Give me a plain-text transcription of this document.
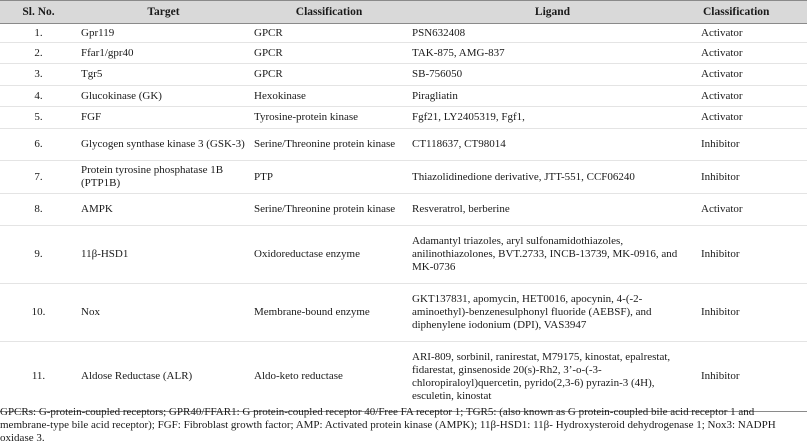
Sl. No.	Target	Classification	Ligand	Classification
1.	Gpr119	GPCR	PSN632408	Activator
2.	Ffar1/gpr40	GPCR	TAK-875, AMG-837	Activator
3.	Tgr5	GPCR	SB-756050	Activator
4.	Glucokinase (GK)	Hexokinase	Piragliatin	Activator
5.	FGF	Tyrosine-protein kinase	Fgf21, LY2405319, Fgf1,	Activator
6.	Glycogen synthase kinase 3 (GSK-3)	Serine/Threonine protein kinase	CT118637, CT98014	Inhibitor
7.	Protein tyrosine phosphatase 1B (PTP1B)	PTP	Thiazolidinedione derivative, JTT-551, CCF06240	Inhibitor
8.	AMPK	Serine/Threonine protein kinase	Resveratrol, berberine	Activator
9.	11β-HSD1	Oxidoreductase enzyme	Adamantyl triazoles, aryl sulfonamidothiazoles, anilinothiazolones, BVT.2733, INCB-13739, MK-0916, and MK-0736	Inhibitor
10.	Nox	Membrane-bound enzyme	GKT137831, apomycin, HET0016, apocynin, 4-(-2-aminoethyl)-benzenesulphonyl fluoride (AEBSF), and diphenylene iodonium (DPI), VAS3947	Inhibitor
11.	Aldose Reductase (ALR)	Aldo-keto reductase	ARI-809, sorbinil, ranirestat, M79175, kinostat, epalrestat, fidarestat, ginsenoside 20(s)-Rh2, 3’-o-(-3-chloropiraloyl)quercetin, pyrido(2,3-6) pyrazin-3 (4H), esculetin, kinostat	Inhibitor
GPCRs: G-protein-coupled receptors; GPR40/FFAR1: G protein-coupled receptor 40/Free FA receptor 1; TGR5: (also known as G protein-coupled bile acid receptor 1 and membrane-type bile acid receptor); FGF: Fibroblast growth factor; AMP: Activated protein kinase (AMPK); 11β-HSD1: 11β- Hydroxysteroid dehydrogenase 1; Nox3: NADPH oxidase 3.
